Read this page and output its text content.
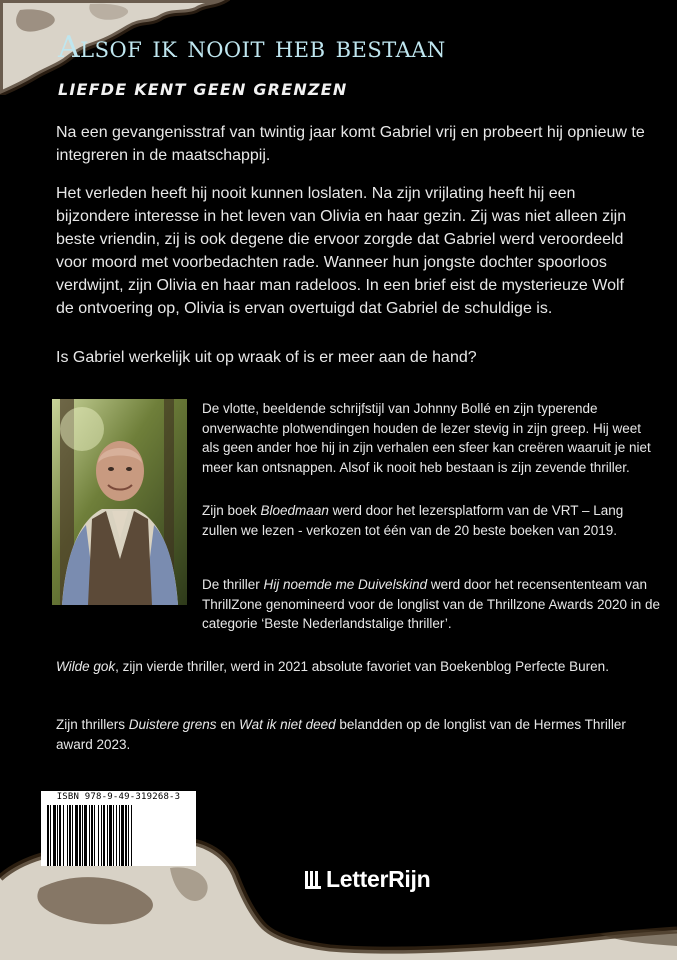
Alsof ik nooit heb bestaan
LIEFDE KENT GEEN GRENZEN

Na een gevangenisstraf van twintig jaar komt Gabriel vrij en probeert hij opnieuw te integreren in de maatschappij.

Het verleden heeft hij nooit kunnen loslaten. Na zijn vrijlating heeft hij een bijzondere interesse in het leven van Olivia en haar gezin. Zij was niet alleen zijn beste vriendin, zij is ook degene die ervoor zorgde dat Gabriel werd veroordeeld voor moord met voorbedachten rade. Wanneer hun jongste dochter spoorloos verdwijnt, zijn Olivia en haar man radeloos. In een brief eist de mysterieuze Wolf de ontvoering op, Olivia is ervan overtuigd dat Gabriel de schuldige is.

Is Gabriel werkelijk uit op wraak of is er meer aan de hand?

De vlotte, beeldende schrijfstijl van Johnny Bollé en zijn typerende onverwachte plotwendingen houden de lezer stevig in zijn greep. Hij weet als geen ander hoe hij in zijn verhalen een sfeer kan creëren waaruit je niet meer kan ontsnappen. Alsof ik nooit heb bestaan is zijn zevende thriller.

Zijn boek Bloedmaan werd door het lezersplatform van de VRT – Lang zullen we lezen - verkozen tot één van de 20 beste boeken van 2019.

De thriller Hij noemde me Duivelskind werd door het recensententeam van ThrillZone genomineerd voor de longlist van de Thrillzone Awards 2020 in de categorie ‘Beste Nederlandstalige thriller’.

Wilde gok, zijn vierde thriller, werd in 2021 absolute favoriet van Boekenblog Perfecte Buren.

Zijn thrillers Duistere grens en Wat ik niet deed belandden op de longlist van de Hermes Thriller award 2023.

ISBN 978-9-49-319268-3
LetterRijn
